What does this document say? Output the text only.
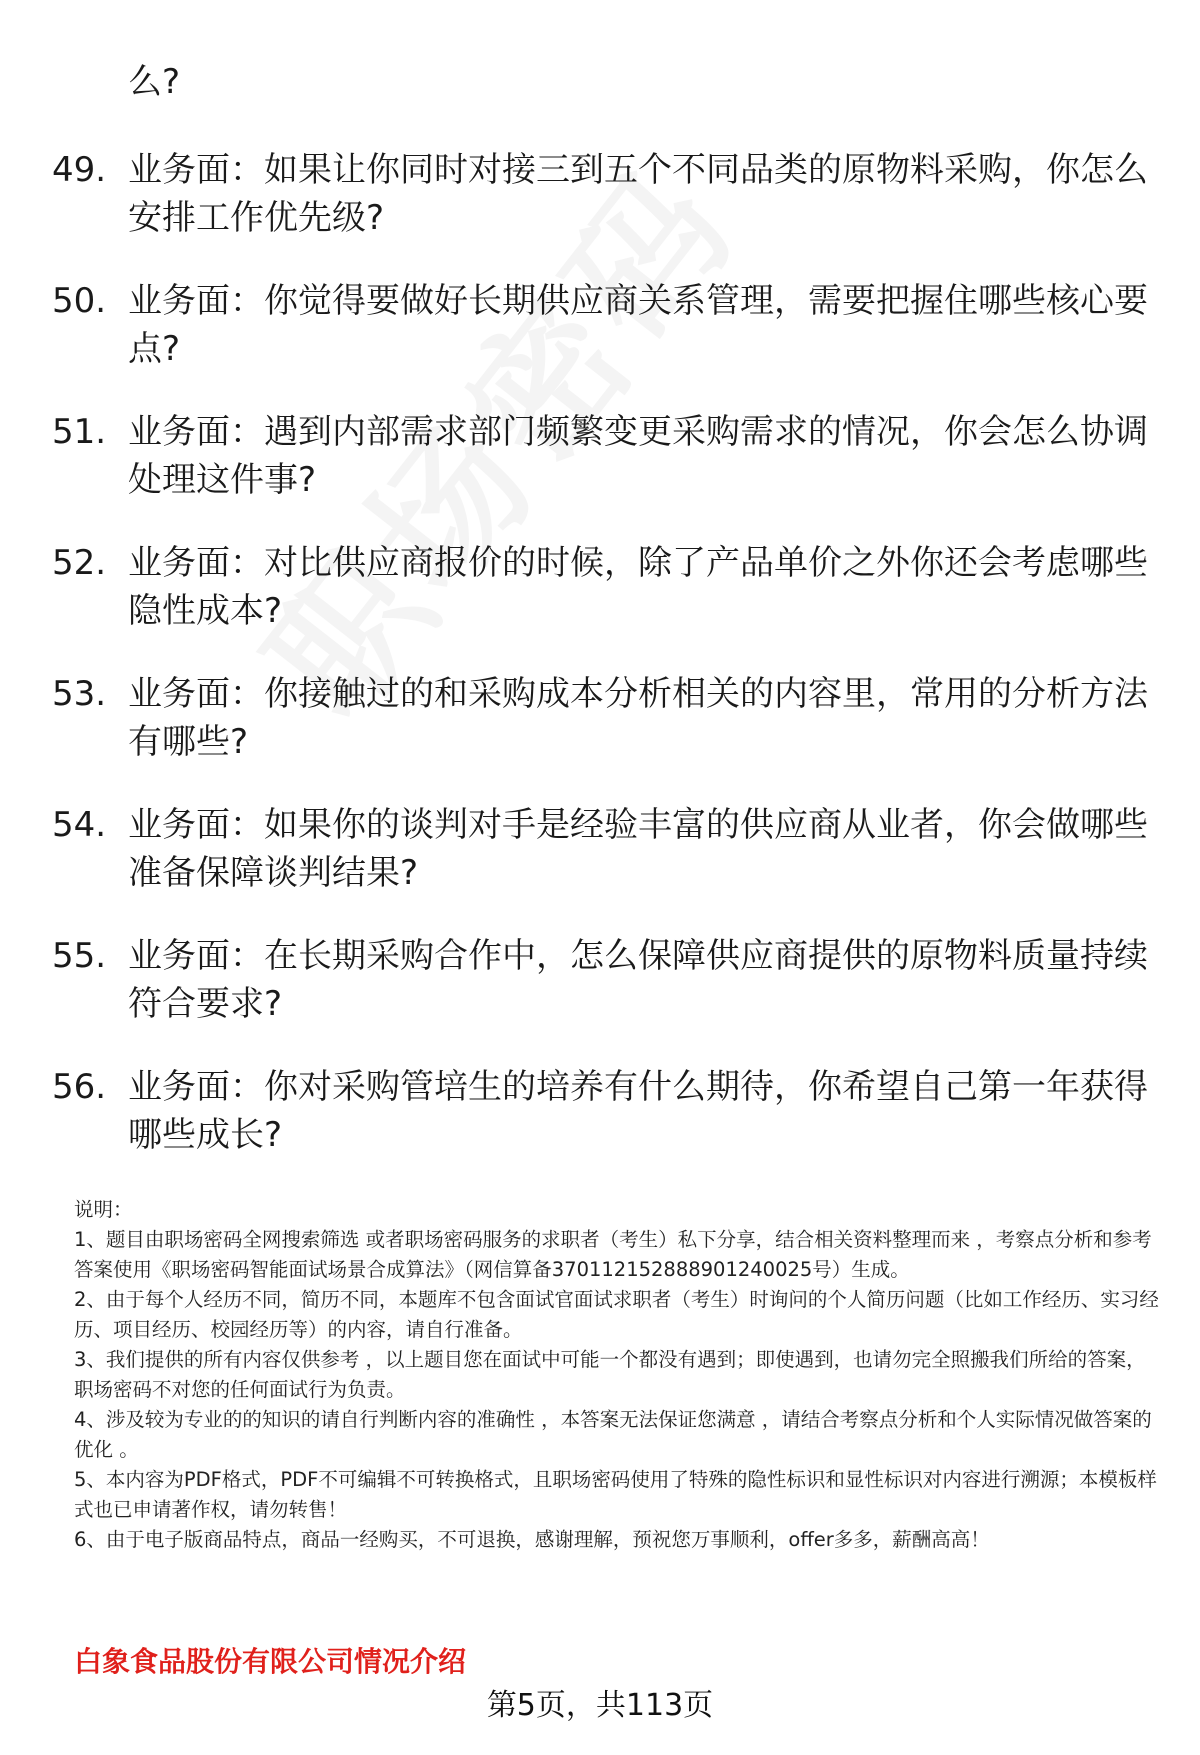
么?
49. 业务面：如果让你同时对接三到五个不同品类的原物料采购，你怎么安排工作优先级?
50. 业务面：你觉得要做好长期供应商关系管理，需要把握住哪些核心要点?
51. 业务面：遇到内部需求部门频繁变更采购需求的情况，你会怎么协调处理这件事?
52. 业务面：对比供应商报价的时候，除了产品单价之外你还会考虑哪些隐性成本?
53. 业务面：你接触过的和采购成本分析相关的内容里，常用的分析方法有哪些?
54. 业务面：如果你的谈判对手是经验丰富的供应商从业者，你会做哪些准备保障谈判结果?
55. 业务面：在长期采购合作中，怎么保障供应商提供的原物料质量持续符合要求?
56. 业务面：你对采购管培生的培养有什么期待，你希望自己第一年获得哪些成长?

说明：

1、题目由职场密码全网搜索筛选 或者职场密码服务的求职者（考生）私下分享，结合相关资料整理而来 ，考察点分析和参考答案使用《职场密码智能面试场景合成算法》（网信算备370112152888901240025号）生成。

2、由于每个人经历不同，简历不同，本题库不包含面试官面试求职者（考生）时询问的个人简历问题（比如工作经历、实习经历、项目经历、校园经历等）的内容，请自行准备。

3、我们提供的所有内容仅供参考 ，以上题目您在面试中可能一个都没有遇到；即使遇到，也请勿完全照搬我们所给的答案，职场密码不对您的任何面试行为负责。

4、涉及较为专业的的知识的请自行判断内容的准确性 ，本答案无法保证您满意 ，请结合考察点分析和个人实际情况做答案的优化 。

5、本内容为PDF格式，PDF不可编辑不可转换格式，且职场密码使用了特殊的隐性标识和显性标识对内容进行溯源；本模板样式也已申请著作权，请勿转售！

6、由于电子版商品特点，商品一经购买，不可退换，感谢理解，预祝您万事顺利，offer多多，薪酬高高！

白象食品股份有限公司情况介绍
第5页，共113页
